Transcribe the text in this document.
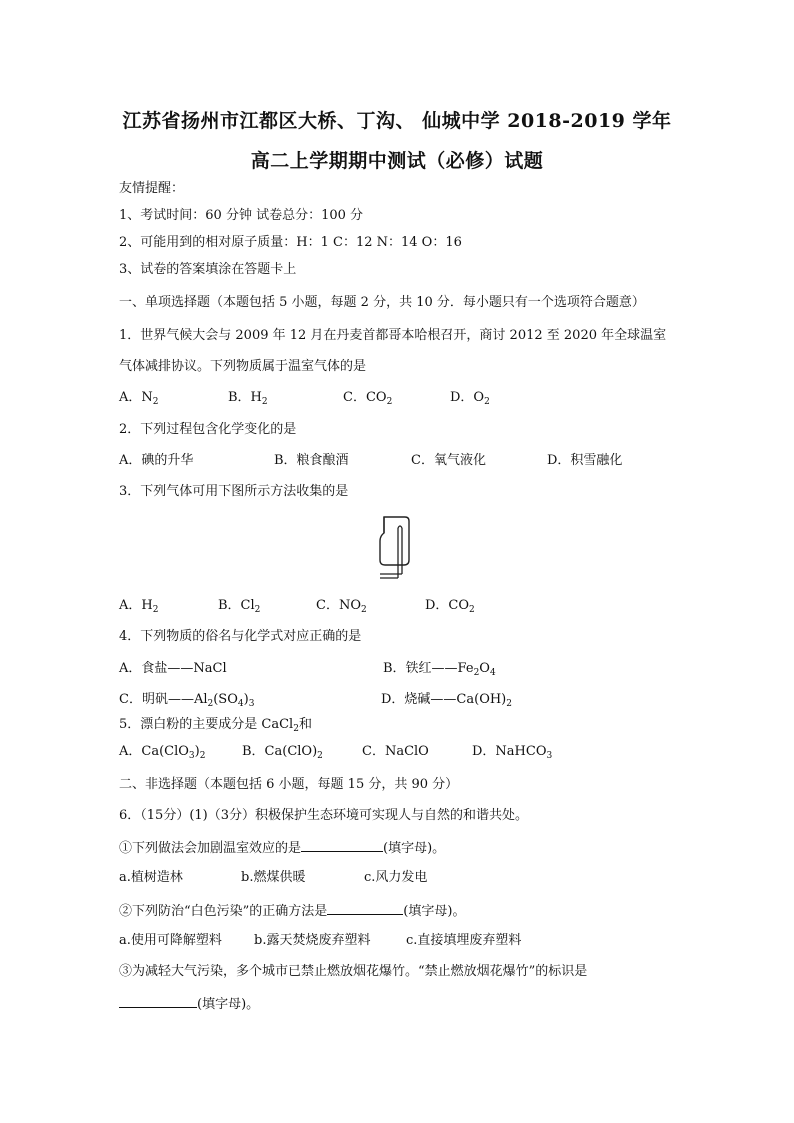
江苏省扬州市江都区大桥、丁沟、 仙城中学 2018-2019 学年
高二上学期期中测试（必修）试题
友情提醒：
1、考试时间：60 分钟 试卷总分：100 分
2、可能用到的相对原子质量：H：1 C：12 N：14 O：16
3、试卷的答案填涂在答题卡上
一、单项选择题（本题包括 5 小题，每题 2 分，共 10 分．每小题只有一个选项符合题意）
1．世界气候大会与 2009 年 12 月在丹麦首都哥本哈根召开，商讨 2012 至 2020 年全球温室
气体减排协议。下列物质属于温室气体的是
A．$N_2$	B．$H_2$	C．$CO_2$	D．$O_2$
2．下列过程包含化学变化的是
A．碘的升华	B．粮食酿酒	C．氧气液化	D．积雪融化
3．下列气体可用下图所示方法收集的是
A．$H_2$	B．$Cl_2$	C．$NO_2$	D．$CO_2$
4．下列物质的俗名与化学式对应正确的是
A．食盐——NaCl	B．铁红$——Fe_2O_4$
C．明矾$——Al_2(SO_4)_3$	D．烧碱$——Ca(OH)_2$
5．漂白粉的主要成分是 CaCl$_2$和
A．$Ca(ClO_3)_2$	B．$Ca(ClO)_2$	C．NaClO	D．NaHCO$_3$
二、非选择题（本题包括 6 小题，每题 15 分，共 90 分）
6．（15分）(1)（3分）积极保护生态环境可实现人与自然的和谐共处。
①下列做法会加剧温室效应的是	(填字母)。
a.植树造林	b.燃煤供暖	c.风力发电
②下列防治“白色污染”的正确方法是	(填字母)。
a.使用可降解塑料 b.露天焚烧废弃塑料	c.直接填埋废弃塑料
③为减轻大气污染，多个城市已禁止燃放烟花爆竹。“禁止燃放烟花爆竹”的标识是
(填字母)。
